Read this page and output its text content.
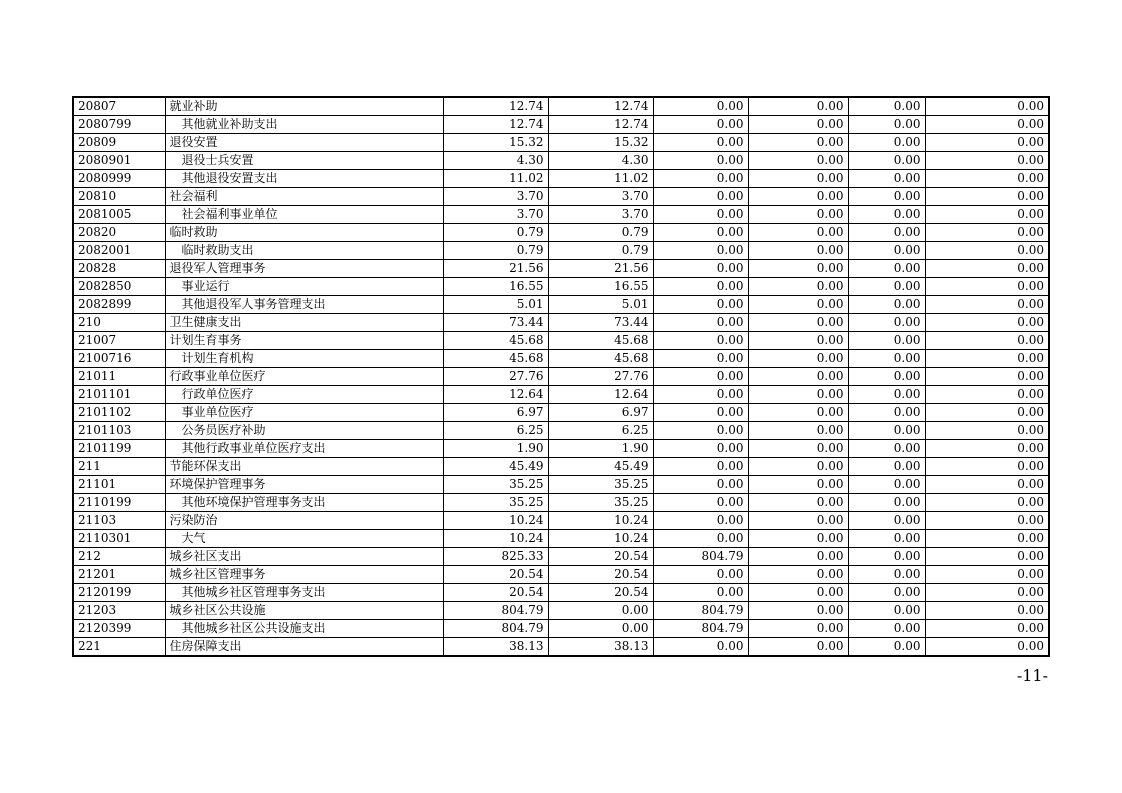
20807	就业补助	12.74	12.74	0.00	0.00	0.00	0.00
2080799	其他就业补助支出	12.74	12.74	0.00	0.00	0.00	0.00
20809	退役安置	15.32	15.32	0.00	0.00	0.00	0.00
2080901	退役士兵安置	4.30	4.30	0.00	0.00	0.00	0.00
2080999	其他退役安置支出	11.02	11.02	0.00	0.00	0.00	0.00
20810	社会福利	3.70	3.70	0.00	0.00	0.00	0.00
2081005	社会福利事业单位	3.70	3.70	0.00	0.00	0.00	0.00
20820	临时救助	0.79	0.79	0.00	0.00	0.00	0.00
2082001	临时救助支出	0.79	0.79	0.00	0.00	0.00	0.00
20828	退役军人管理事务	21.56	21.56	0.00	0.00	0.00	0.00
2082850	事业运行	16.55	16.55	0.00	0.00	0.00	0.00
2082899	其他退役军人事务管理支出	5.01	5.01	0.00	0.00	0.00	0.00
210	卫生健康支出	73.44	73.44	0.00	0.00	0.00	0.00
21007	计划生育事务	45.68	45.68	0.00	0.00	0.00	0.00
2100716	计划生育机构	45.68	45.68	0.00	0.00	0.00	0.00
21011	行政事业单位医疗	27.76	27.76	0.00	0.00	0.00	0.00
2101101	行政单位医疗	12.64	12.64	0.00	0.00	0.00	0.00
2101102	事业单位医疗	6.97	6.97	0.00	0.00	0.00	0.00
2101103	公务员医疗补助	6.25	6.25	0.00	0.00	0.00	0.00
2101199	其他行政事业单位医疗支出	1.90	1.90	0.00	0.00	0.00	0.00
211	节能环保支出	45.49	45.49	0.00	0.00	0.00	0.00
21101	环境保护管理事务	35.25	35.25	0.00	0.00	0.00	0.00
2110199	其他环境保护管理事务支出	35.25	35.25	0.00	0.00	0.00	0.00
21103	污染防治	10.24	10.24	0.00	0.00	0.00	0.00
2110301	大气	10.24	10.24	0.00	0.00	0.00	0.00
212	城乡社区支出	825.33	20.54	804.79	0.00	0.00	0.00
21201	城乡社区管理事务	20.54	20.54	0.00	0.00	0.00	0.00
2120199	其他城乡社区管理事务支出	20.54	20.54	0.00	0.00	0.00	0.00
21203	城乡社区公共设施	804.79	0.00	804.79	0.00	0.00	0.00
2120399	其他城乡社区公共设施支出	804.79	0.00	804.79	0.00	0.00	0.00
221	住房保障支出	38.13	38.13	0.00	0.00	0.00	0.00
-11-
